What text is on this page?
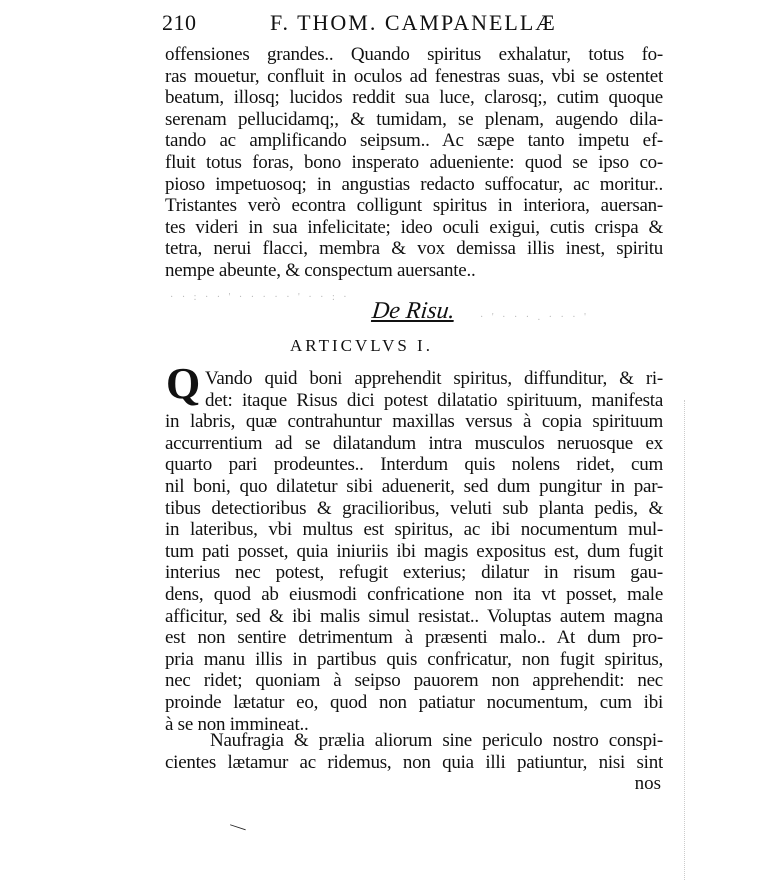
210	F. THOM. CAMPANELLÆ
offensiones grandes.. Quando spiritus exhalatur, totus fo-
ras mouetur, confluit in oculos ad fenestras suas, vbi se ostentet
beatum, illosq; lucidos reddit sua luce, clarosq;, cutim quoque
serenam pellucidamq;, & tumidam, se plenam, augendo dila-
tando ac amplificando seipsum.. Ac sæpe tanto impetu ef-
fluit totus foras, bono insperato adueniente: quod se ipso co-
pioso impetuosoq; in angustias redacto suffocatur, ac moritur..
Tristantes verò econtra colligunt spiritus in interiora, auersan-
tes videri in sua infelicitate; ideo oculi exigui, cutis crispa &
tetra, nerui flacci, membra & vox demissa illis inest, spiritu
nempe abeunte, & conspectum auersante..
· · : · · ' · · · · · ' · · : ·
· ' · · · . · · · '
De Risu.
ARTICVLVS I.
Q Vando quid boni apprehendit spiritus, diffunditur, & ri-
det: itaque Risus dici potest dilatatio spirituum, manifesta
in labris, quæ contrahuntur maxillas versus à copia spirituum
accurrentium ad se dilatandum intra musculos neruosque ex
quarto pari prodeuntes.. Interdum quis nolens ridet, cum
nil boni, quo dilatetur sibi aduenerit, sed dum pungitur in par-
tibus detectioribus & gracilioribus, veluti sub planta pedis, &
in lateribus, vbi multus est spiritus, ac ibi nocumentum mul-
tum pati posset, quia iniuriis ibi magis expositus est, dum fugit
interius nec potest, refugit exterius; dilatur in risum gau-
dens, quod ab eiusmodi confricatione non ita vt posset, male
afficitur, sed & ibi malis simul resistat.. Voluptas autem magna
est non sentire detrimentum à præsenti malo.. At dum pro-
pria manu illis in partibus quis confricatur, non fugit spiritus,
nec ridet; quoniam à seipso pauorem non apprehendit: nec
proinde lætatur eo, quod non patiatur nocumentum, cum ibi
à se non immineat..
Naufragia & prælia aliorum sine periculo nostro conspi-
cientes lætamur ac ridemus, non quia illi patiuntur, nisi sint
nos
—
